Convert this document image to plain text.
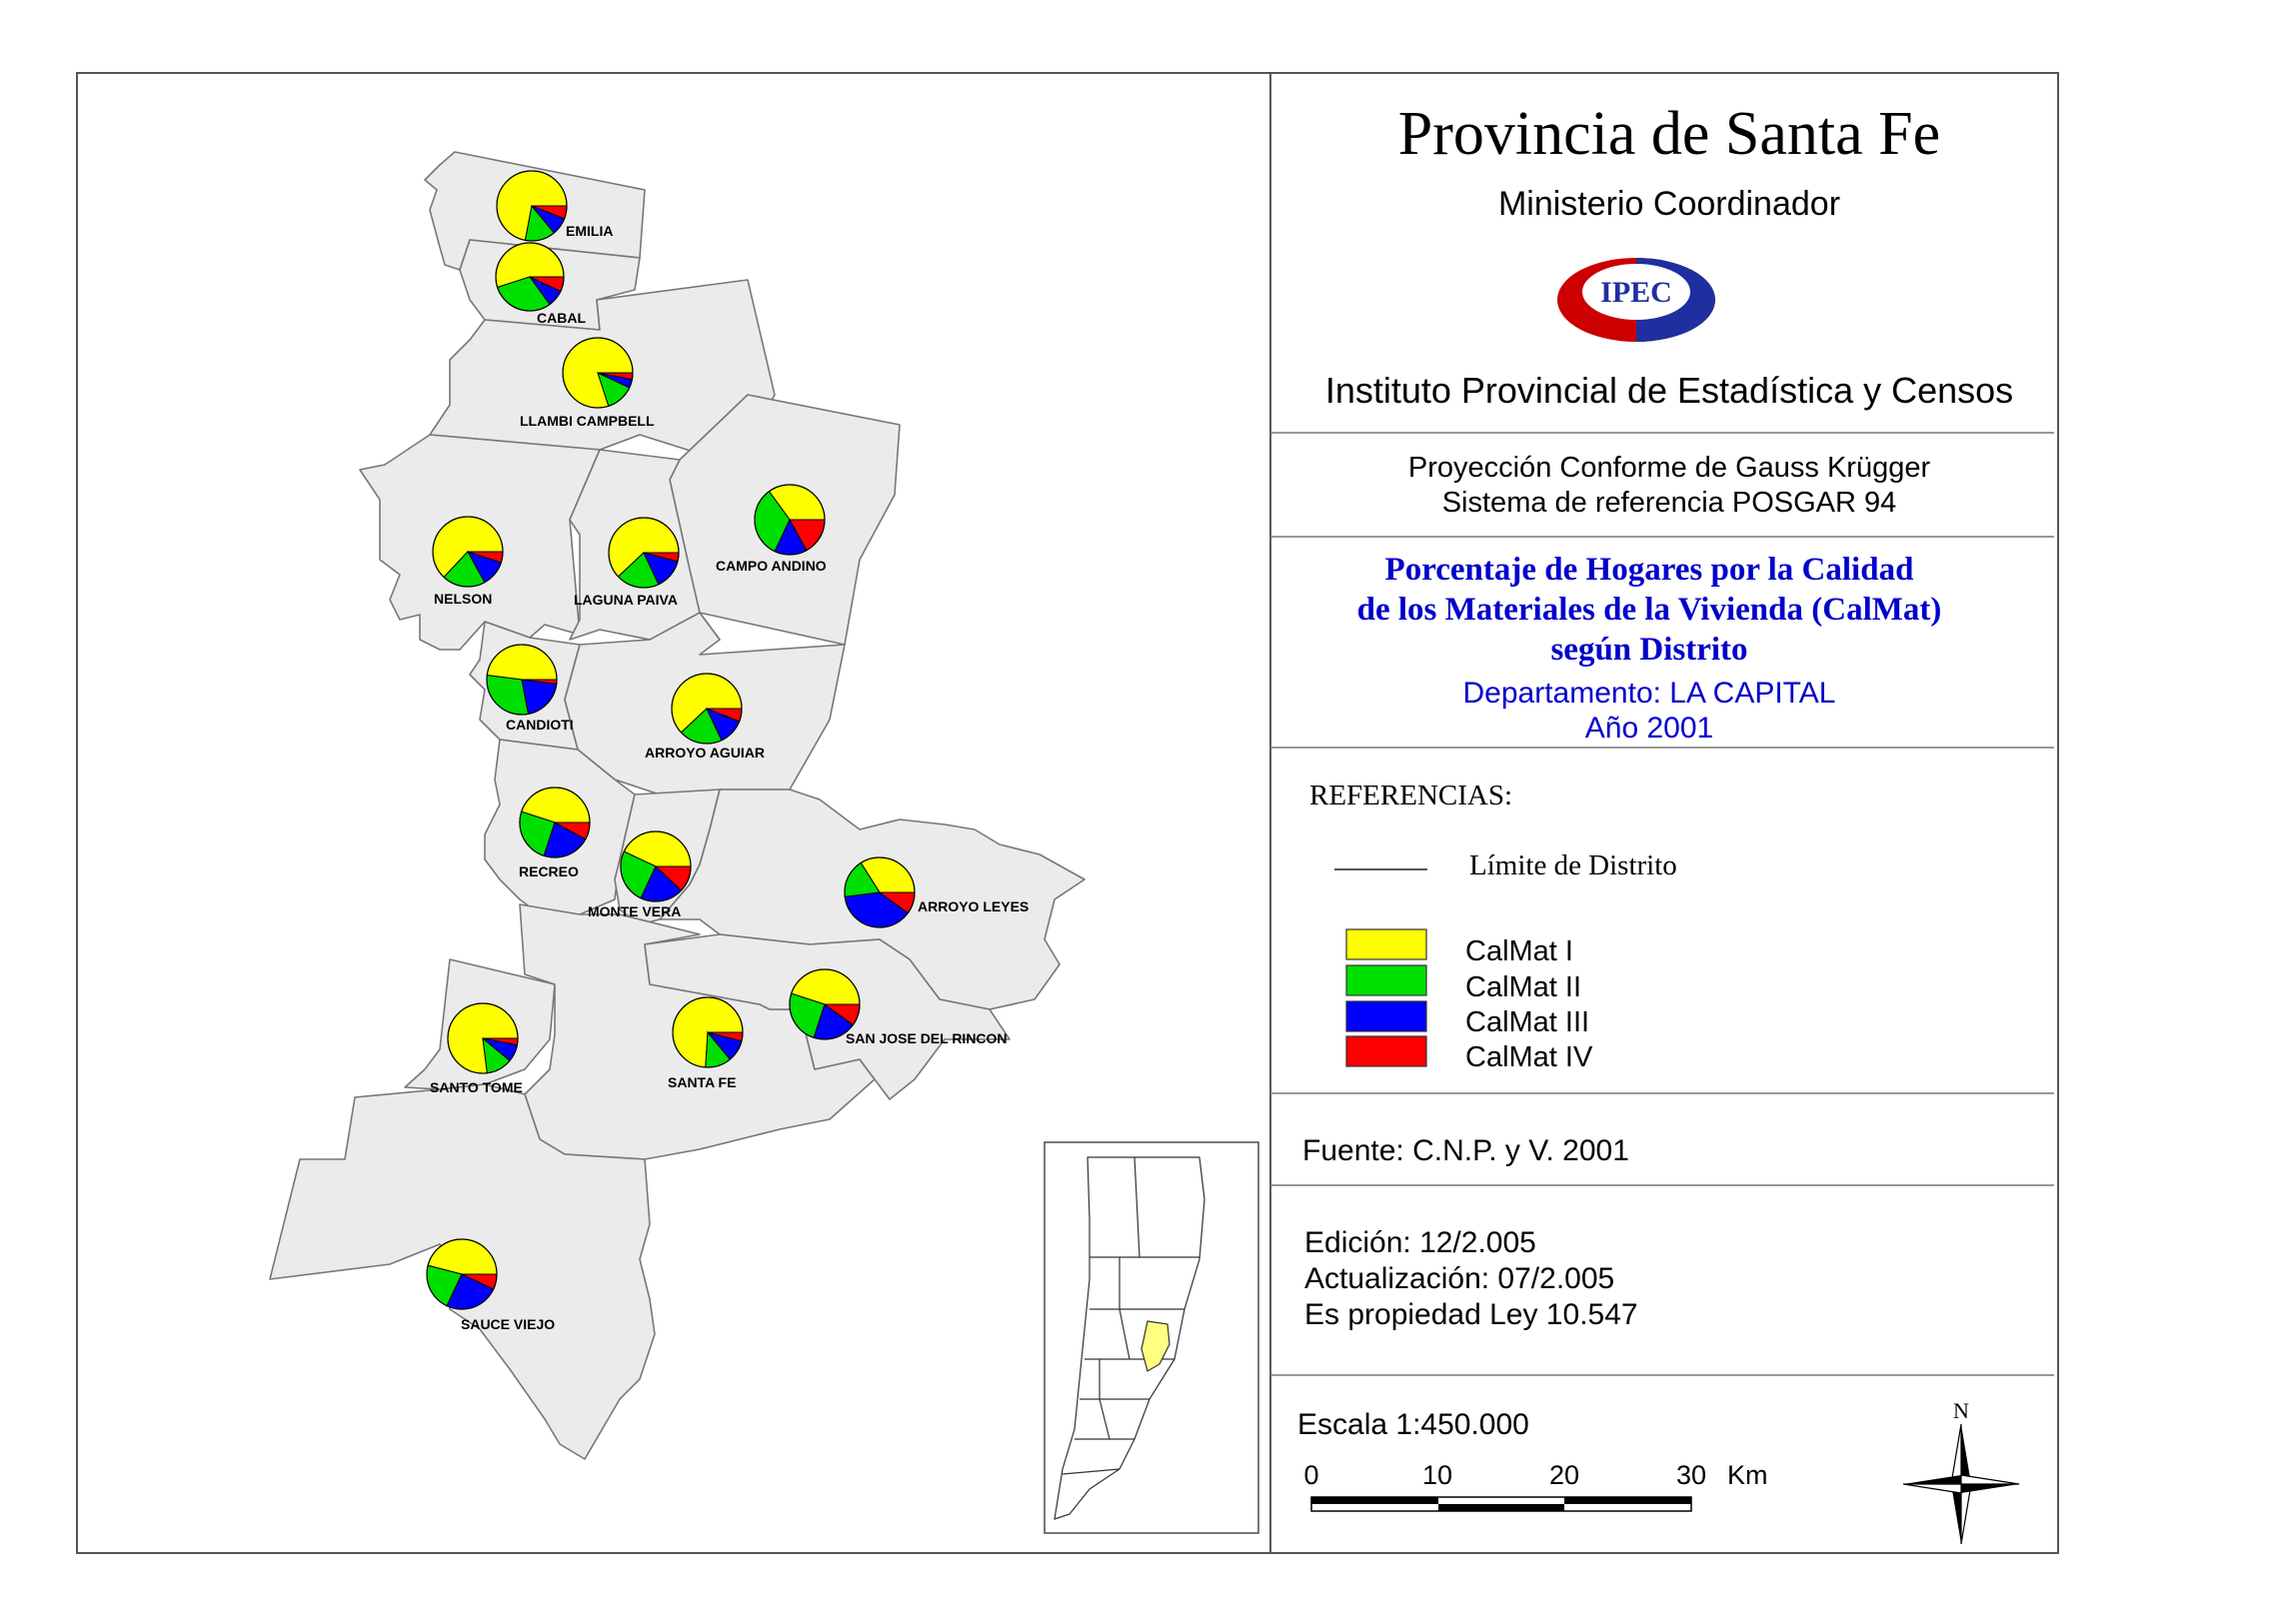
EMILIA
CABAL
LLAMBI CAMPBELL
CAMPO ANDINO
NELSON	LAGUNA PAIVA
CANDIOTI
ARROYO AGUIAR
RECREO
MONTE VERA	ARROYO LEYES
SANTO TOME	SANTA FE
SAN JOSE DEL RINCON
SAUCE VIEJO
Provincia de Santa Fe
Ministerio Coordinador
IPEC
Instituto Provincial de Estadística y Censos
Proyección Conforme de Gauss Krügger
Sistema de referencia POSGAR 94
Porcentaje de Hogares por la Calidad
de los Materiales de la Vivienda (CalMat)
según Distrito
Departamento: LA CAPITAL
Año 2001
REFERENCIAS:
Límite de Distrito
CalMat I
CalMat II
CalMat III
CalMat IV
Fuente: C.N.P. y V. 2001
Edición: 12/2.005
Actualización: 07/2.005
Es propiedad Ley 10.547
Escala 1:450.000
0	10	20	30 Km
N
